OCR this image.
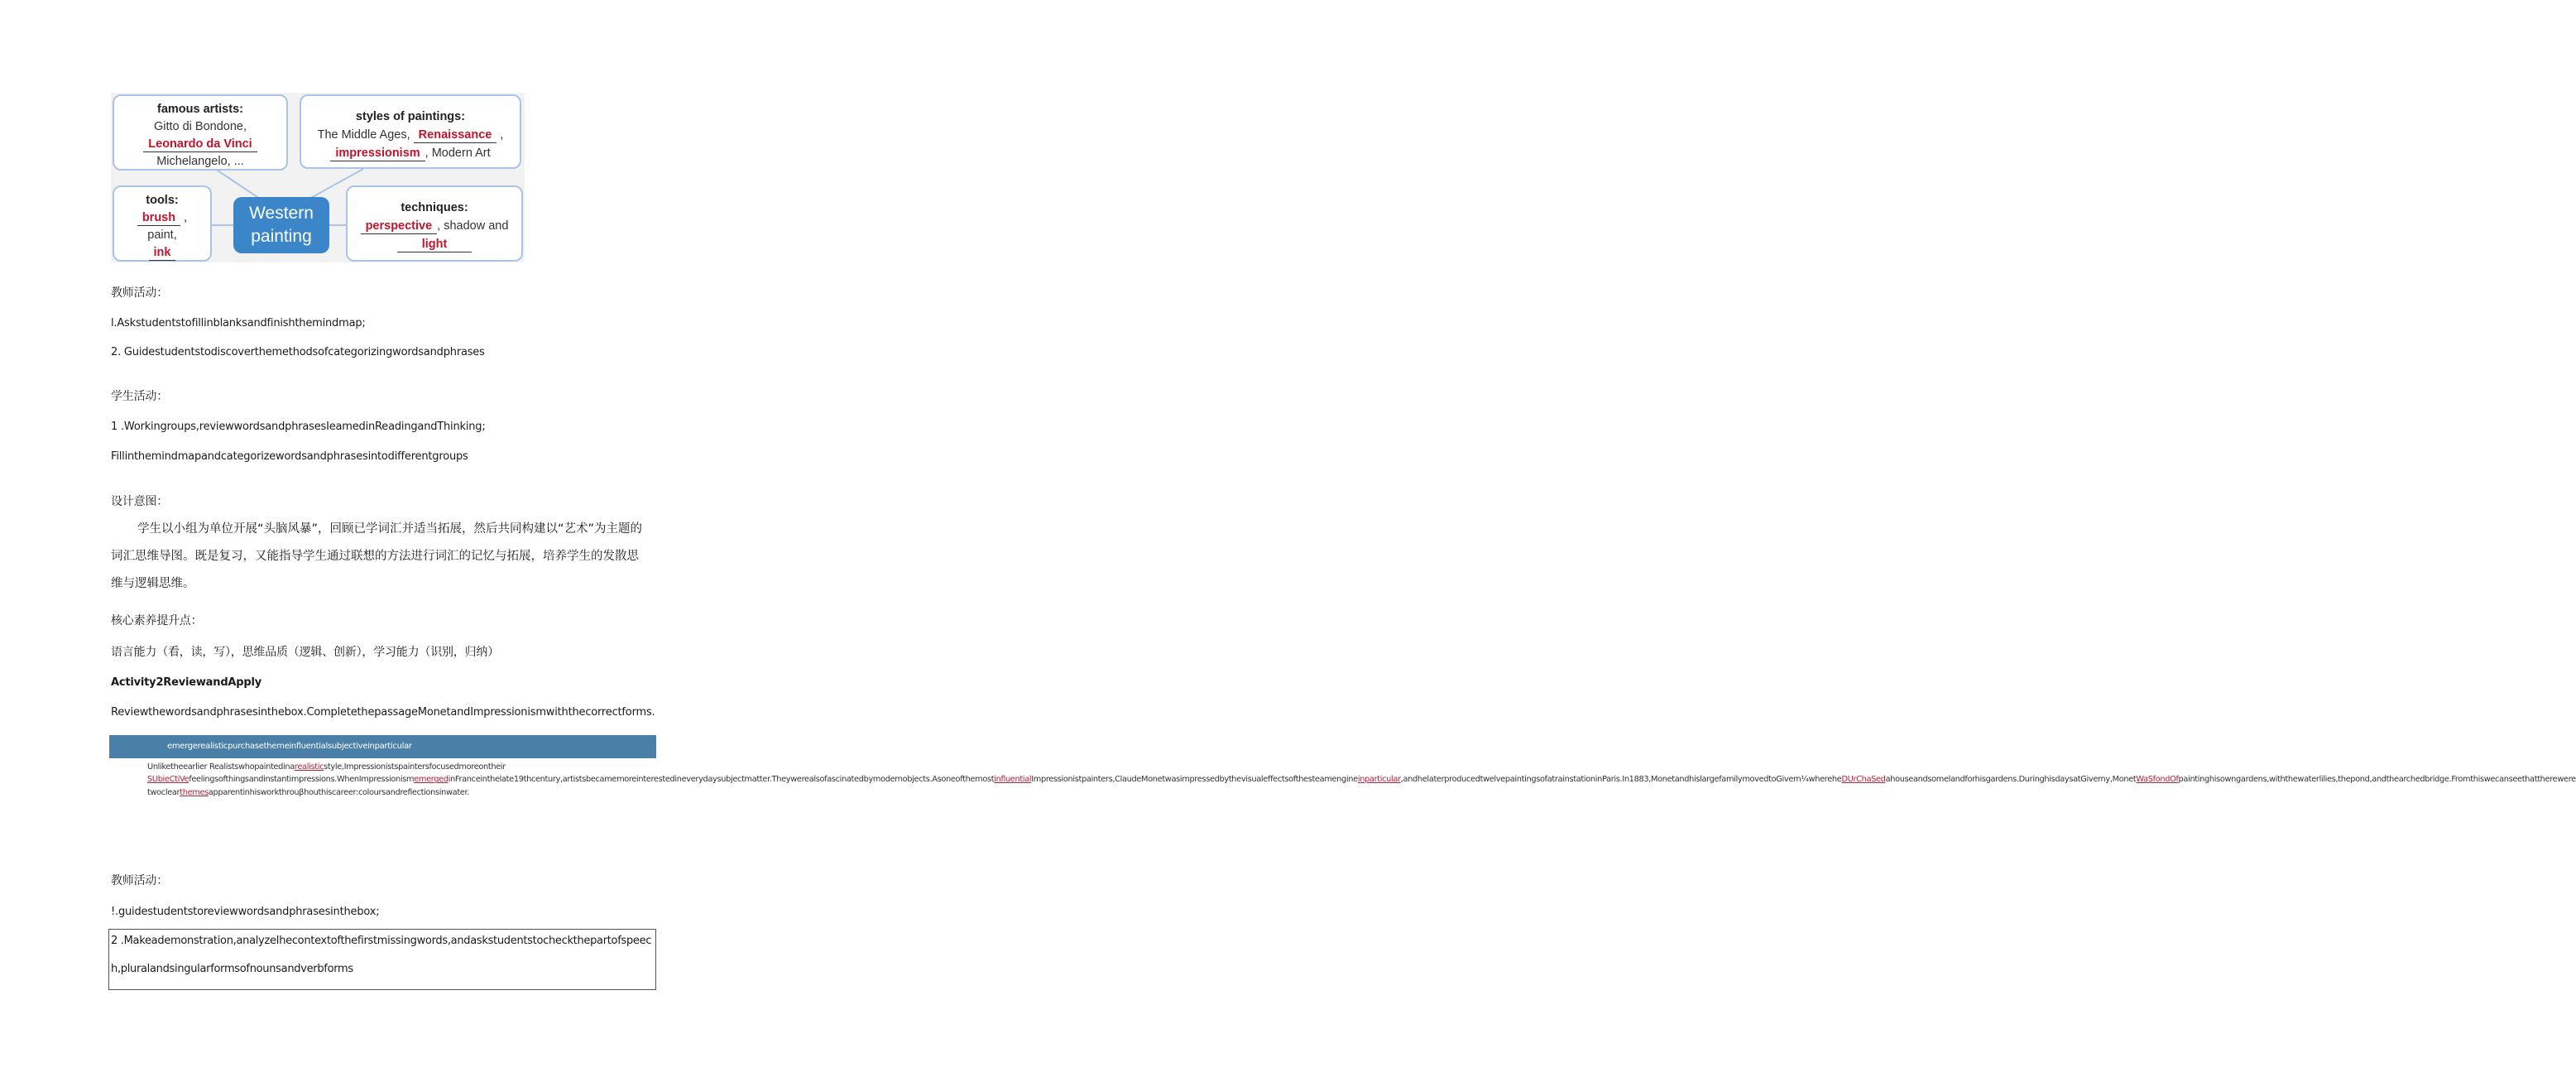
famous artists:
Gitto di Bondone,
Leonardo da Vinci
Michelangelo, ...
styles of paintings:
The Middle Ages, Renaissance ,
impressionism , Modern Art
tools:
brush ,
paint,
ink
Western
painting
techniques:
perspective , shadow and
light
教师活动：
l.Askstudentstofillinblanksandfinishthemindmap;
2. Guidestudentstodiscoverthemethodsofcategorizingwordsandphrases
学生活动：
1 .Workingroups,reviewwordsandphrasesIeamedinReadingandThinking;
Fillinthemindmapandcategorizewordsandphrasesintodifferentgroups
设计意图：
学生以小组为单位开展“头脑风暴”，回顾已学词汇并适当拓展，然后共同构建以“艺术”为主题的词汇思维导图。既是复习，又能指导学生通过联想的方法进行词汇的记忆与拓展，培养学生的发散思维与逻辑思维。
核心素养提升点：
语言能力（看，读，写），思维品质（逻辑、创新），学习能力（识别，归纳）
Activity2ReviewandApply
Reviewthewordsandphrasesinthebox.CompletethepassageMonetandImpressionismwiththecorrectforms.
emergerealisticpurchasethemeinfluentialsubjectiveinparticular
Unliketheearlier Realistswhopaintedinarealisticstyle,Impressionistspaintersfocusedmoreontheir SUbieCtiVefeelingsofthingsandinstantimpressions.WhenImpressionismemergedinFranceinthelate19thcentury,artistsbecamemoreinterestedineverydaysubjectmatter.Theywerealsofascinatedbymodernobjects.AsoneofthemostinfluentialImpressionistpainters,ClaudeMonetwasimpressedbythevisualeffectsofthesteamengineinparticular,andhelaterproducedtwelvepaintingsofatrainstationinParis.In1883,MonetandhislargefamilymovedtoGivern¼whereheDUrChaSedahouseandsomelandforhisgardens.DuringhisdaysatGiverny,MonetWaSfondOfpaintinghisowngardens,withthewaterlilies,thepond,andthearchedbridge.Fromthiswecanseethattherewere twoclearthemesapparentinhisworkthrouβhouthiscareer:coloursandreflectionsinwater.
教师活动：
!.guidestudentstoreviewwordsandphrasesinthebox;
2 .Makeademonstration,analyzeIhecontextofthefirstmissingwords,andaskstudentstocheckthepartofspeec
h,pluralandsingularformsofnounsandverbforms
